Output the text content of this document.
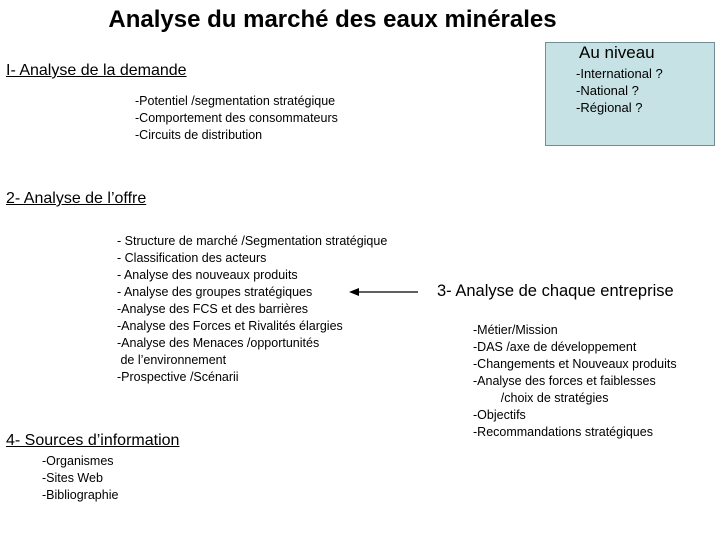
Analyse du marché des eaux minérales
I- Analyse de la demande
-Potentiel /segmentation stratégique
-Comportement des consommateurs
-Circuits de distribution
Au niveau
-International ?
-National ?
-Régional ?
2- Analyse de l’offre
- Structure de marché /Segmentation stratégique
- Classification des acteurs
- Analyse des nouveaux produits
- Analyse des groupes stratégiques
-Analyse des FCS et des barrières
-Analyse des Forces et Rivalités élargies
-Analyse des Menaces /opportunités
de l’environnement
-Prospective /Scénarii
3- Analyse de chaque entreprise
-Métier/Mission
-DAS /axe de développement
-Changements et Nouveaux produits
-Analyse des forces et faiblesses
/choix de stratégies
-Objectifs
-Recommandations stratégiques
4- Sources d’information
-Organismes
-Sites Web
-Bibliographie
